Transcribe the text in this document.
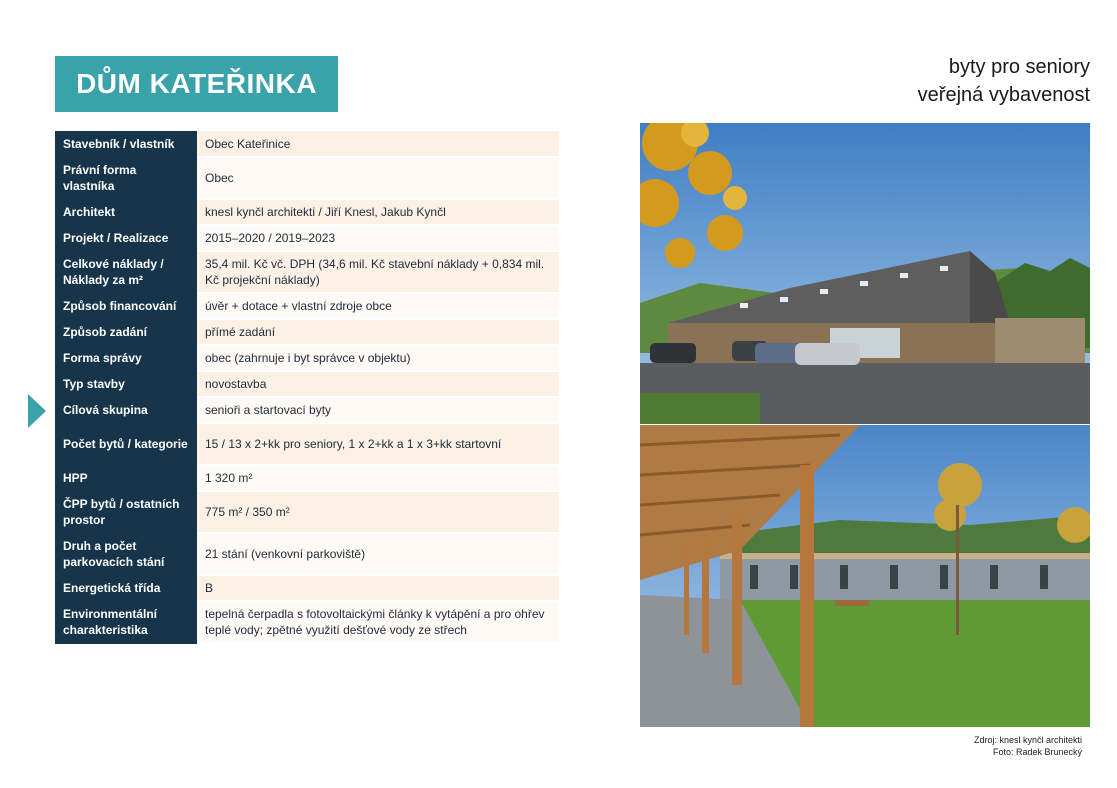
DŮM KATEŘINKA
byty pro seniory
veřejná vybavenost
Stavebník / vlastník	Obec Kateřinice
Právní forma vlastníka	Obec
Architekt	knesl kynčl architekti / Jiří Knesl, Jakub Kynčl
Projekt / Realizace	2015–2020 / 2019–2023
Celkové náklady / Náklady za m²	35,4 mil. Kč vč. DPH (34,6 mil. Kč stavební náklady + 0,834 mil. Kč projekční náklady)
Způsob financování	úvěr + dotace + vlastní zdroje obce
Způsob zadání	přímé zadání
Forma správy	obec (zahrnuje i byt správce v objektu)
Typ stavby	novostavba
Cílová skupina	senioři a startovací byty
Počet bytů / kategorie	15 / 13 x 2+kk pro seniory, 1 x 2+kk a 1 x 3+kk startovní
HPP	1 320 m²
ČPP bytů / ostatních prostor	775 m² / 350 m²
Druh a počet parkovacích stání	21 stání (venkovní parkoviště)
Energetická třída	B
Environmentální charakteristika	tepelná čerpadla s fotovoltaickými články k vytápění a pro ohřev teplé vody; zpětné využití dešťové vody ze střech
Zdroj: knesl kynčl architekti
Foto: Radek Brunecký
